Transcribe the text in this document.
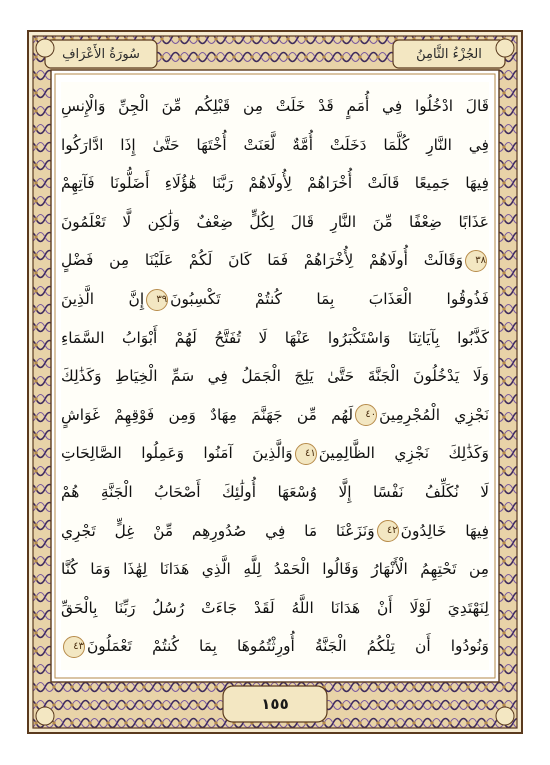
الجُزْءُ الثَّامِنُ
سُورَةُ الأَعْرَافِ
قَالَ ادْخُلُوا فِي أُمَمٍ قَدْ خَلَتْ مِن قَبْلِكُم مِّنَ الْجِنِّ وَالْإِنسِ
فِي النَّارِ كُلَّمَا دَخَلَتْ أُمَّةٌ لَّعَنَتْ أُخْتَهَا حَتَّىٰ إِذَا ادَّارَكُوا
فِيهَا جَمِيعًا قَالَتْ أُخْرَاهُمْ لِأُولَاهُمْ رَبَّنَا هَٰؤُلَاءِ أَضَلُّونَا فَآتِهِمْ
عَذَابًا ضِعْفًا مِّنَ النَّارِ قَالَ لِكُلٍّ ضِعْفٌ وَلَٰكِن لَّا تَعْلَمُونَ
٣٨وَقَالَتْ أُولَاهُمْ لِأُخْرَاهُمْ فَمَا كَانَ لَكُمْ عَلَيْنَا مِن فَضْلٍ
فَذُوقُوا الْعَذَابَ بِمَا كُنتُمْ تَكْسِبُونَ٣٩إِنَّ الَّذِينَ
كَذَّبُوا بِآيَاتِنَا وَاسْتَكْبَرُوا عَنْهَا لَا تُفَتَّحُ لَهُمْ أَبْوَابُ السَّمَاءِ
وَلَا يَدْخُلُونَ الْجَنَّةَ حَتَّىٰ يَلِجَ الْجَمَلُ فِي سَمِّ الْخِيَاطِ وَكَذَٰلِكَ
نَجْزِي الْمُجْرِمِينَ٤٠لَهُم مِّن جَهَنَّمَ مِهَادٌ وَمِن فَوْقِهِمْ غَوَاشٍ
وَكَذَٰلِكَ نَجْزِي الظَّالِمِينَ٤١وَالَّذِينَ آمَنُوا وَعَمِلُوا الصَّالِحَاتِ
لَا نُكَلِّفُ نَفْسًا إِلَّا وُسْعَهَا أُولَٰئِكَ أَصْحَابُ الْجَنَّةِ هُمْ
فِيهَا خَالِدُونَ٤٢وَنَزَعْنَا مَا فِي صُدُورِهِم مِّنْ غِلٍّ تَجْرِي
مِن تَحْتِهِمُ الْأَنْهَارُ وَقَالُوا الْحَمْدُ لِلَّهِ الَّذِي هَدَانَا لِهَٰذَا وَمَا كُنَّا
لِنَهْتَدِيَ لَوْلَا أَنْ هَدَانَا اللَّهُ لَقَدْ جَاءَتْ رُسُلُ رَبِّنَا بِالْحَقِّ
وَنُودُوا أَن تِلْكُمُ الْجَنَّةُ أُورِثْتُمُوهَا بِمَا كُنتُمْ تَعْمَلُونَ٤٣
١٥٥
